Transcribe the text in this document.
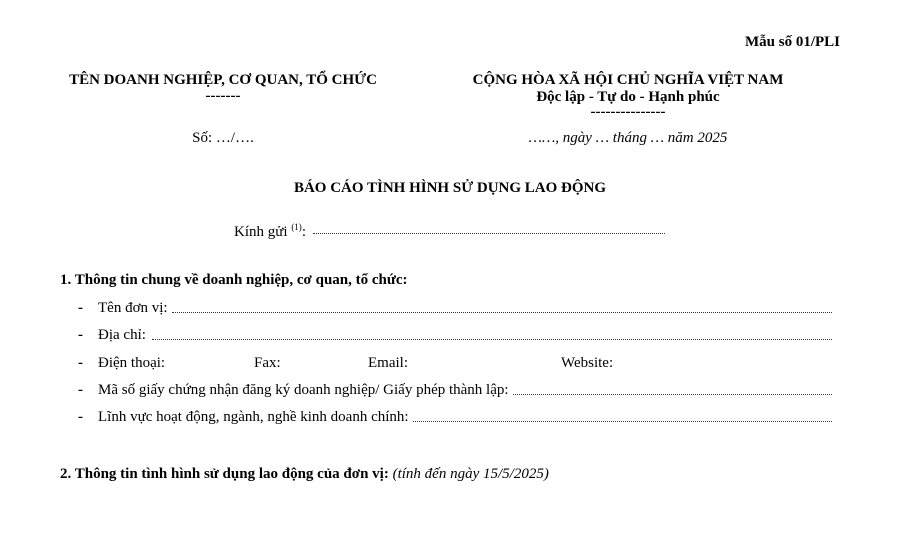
Mẫu số 01/PLI
TÊN DOANH NGHIỆP, CƠ QUAN, TỔ CHỨC
-------
Số: …/….
CỘNG HÒA XÃ HỘI CHỦ NGHĨA VIỆT NAM
Độc lập - Tự do - Hạnh phúc
---------------
……, ngày … tháng … năm 2025
BÁO CÁO TÌNH HÌNH SỬ DỤNG LAO ĐỘNG
Kính gửi $^{(1)}$:
1. Thông tin chung về doanh nghiệp, cơ quan, tổ chức:
-	Tên đơn vị:
-	Địa chỉ:
-	Điện thoại:	Fax:	Email:	Website:
-	Mã số giấy chứng nhận đăng ký doanh nghiệp/ Giấy phép thành lập:
-	Lĩnh vực hoạt động, ngành, nghề kinh doanh chính:
2. Thông tin tình hình sử dụng lao động của đơn vị: (tính đến ngày 15/5/2025)
